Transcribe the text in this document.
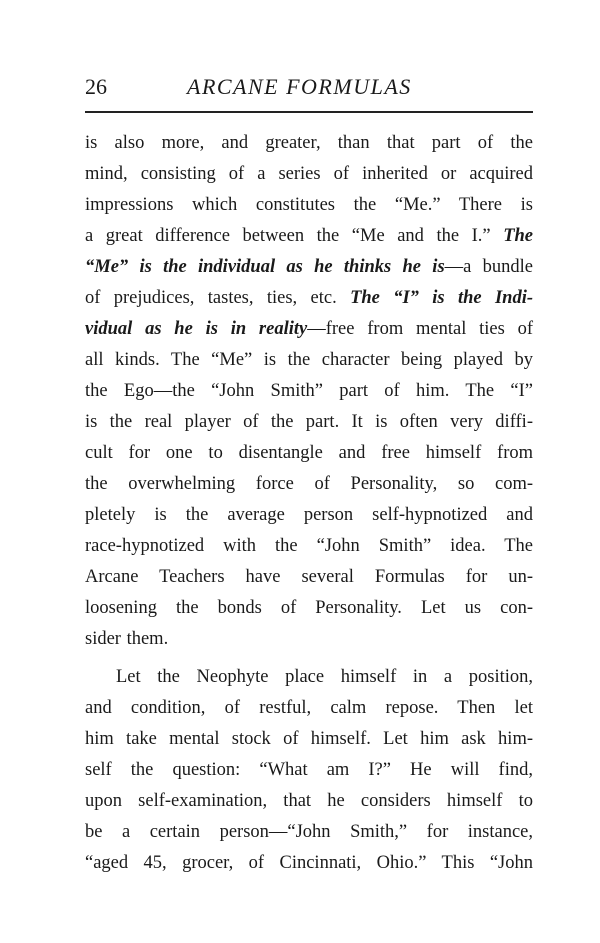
26	ARCANE FORMULAS
is also more, and greater, than that part of the
mind, consisting of a series of inherited or acquired
impressions which constitutes the “Me.” There is
a great difference between the “Me and the I.” The
“Me” is the individual as he thinks he is—a bundle
of prejudices, tastes, ties, etc. The “I” is the Indi-
vidual as he is in reality—free from mental ties of
all kinds. The “Me” is the character being played by
the Ego—the “John Smith” part of him. The “I”
is the real player of the part. It is often very diffi-
cult for one to disentangle and free himself from
the overwhelming force of Personality, so com-
pletely is the average person self-hypnotized and
race-hypnotized with the “John Smith” idea. The
Arcane Teachers have several Formulas for un-
loosening the bonds of Personality. Let us con-
sider them.
Let the Neophyte place himself in a position,
and condition, of restful, calm repose. Then let
him take mental stock of himself. Let him ask him-
self the question: “What am I?” He will find,
upon self-examination, that he considers himself to
be a certain person—“John Smith,” for instance,
“aged 45, grocer, of Cincinnati, Ohio.” This “John
